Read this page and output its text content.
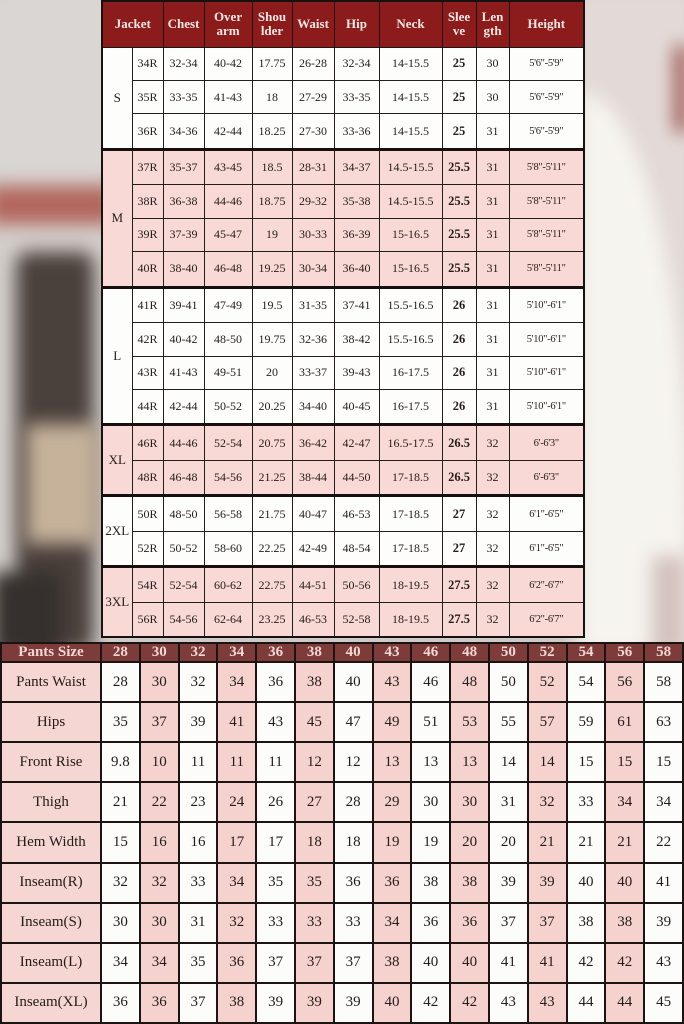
Jacket		Chest	Over arm	Shou lder	Waist	Hip	Neck	Slee ve	Len gth	Height
S	34R	32-34	40-42	17.75	26-28	32-34	14-15.5	25	30	5'6"-5'9"
	35R	33-35	41-43	18	27-29	33-35	14-15.5	25	30	5'6"-5'9"
	36R	34-36	42-44	18.25	27-30	33-36	14-15.5	25	31	5'6"-5'9"
M	37R	35-37	43-45	18.5	28-31	34-37	14.5-15.5	25.5	31	5'8"-5'11"
	38R	36-38	44-46	18.75	29-32	35-38	14.5-15.5	25.5	31	5'8"-5'11"
	39R	37-39	45-47	19	30-33	36-39	15-16.5	25.5	31	5'8"-5'11"
	40R	38-40	46-48	19.25	30-34	36-40	15-16.5	25.5	31	5'8"-5'11"
L	41R	39-41	47-49	19.5	31-35	37-41	15.5-16.5	26	31	5'10"-6'1"
	42R	40-42	48-50	19.75	32-36	38-42	15.5-16.5	26	31	5'10"-6'1"
	43R	41-43	49-51	20	33-37	39-43	16-17.5	26	31	5'10"-6'1"
	44R	42-44	50-52	20.25	34-40	40-45	16-17.5	26	31	5'10"-6'1"
XL	46R	44-46	52-54	20.75	36-42	42-47	16.5-17.5	26.5	32	6'-6'3"
	48R	46-48	54-56	21.25	38-44	44-50	17-18.5	26.5	32	6'-6'3"
2XL	50R	48-50	56-58	21.75	40-47	46-53	17-18.5	27	32	6'1"-6'5"
	52R	50-52	58-60	22.25	42-49	48-54	17-18.5	27	32	6'1"-6'5"
3XL	54R	52-54	60-62	22.75	44-51	50-56	18-19.5	27.5	32	6'2"-6'7"
	56R	54-56	62-64	23.25	46-53	52-58	18-19.5	27.5	32	6'2"-6'7"
Pants Size	28	30	32	34	36	38	40	43	46	48	50	52	54	56	58
Pants Waist	28	30	32	34	36	38	40	43	46	48	50	52	54	56	58
Hips	35	37	39	41	43	45	47	49	51	53	55	57	59	61	63
Front Rise	9.8	10	11	11	11	12	12	13	13	13	14	14	15	15	15
Thigh	21	22	23	24	26	27	28	29	30	30	31	32	33	34	34
Hem Width	15	16	16	17	17	18	18	19	19	20	20	21	21	21	22
Inseam(R)	32	32	33	34	35	35	36	36	38	38	39	39	40	40	41
Inseam(S)	30	30	31	32	33	33	33	34	36	36	37	37	38	38	39
Inseam(L)	34	34	35	36	37	37	37	38	40	40	41	41	42	42	43
Inseam(XL)	36	36	37	38	39	39	39	40	42	42	43	43	44	44	45
